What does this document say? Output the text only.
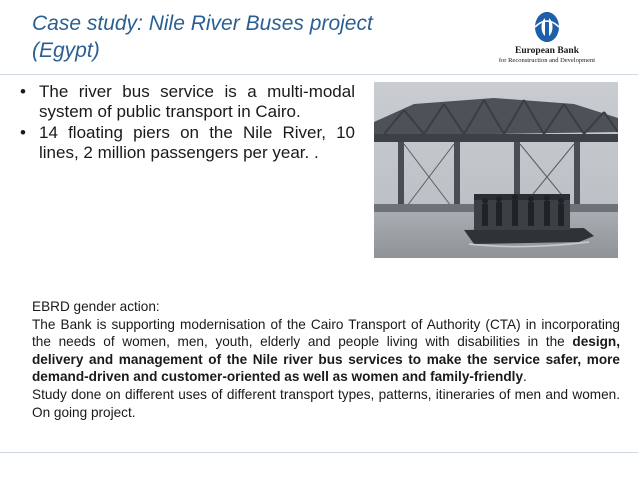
Case study: Nile River Buses project
(Egypt)	European Bank
for Reconstruction and Development
• The river bus service is a multi-modal system of public transport in Cairo.
• 14 floating piers on the Nile River, 10 lines, 2 million passengers per year. .

EBRD gender action:

The Bank is supporting modernisation of the Cairo Transport of Authority (CTA) in incorporating the needs of women, men, youth, elderly and people living with disabilities in the design, delivery and management of the Nile river bus services to make the service safer, more demand-driven and customer-oriented as well as women and family-friendly.

Study done on different uses of different transport types, patterns, itineraries of men and women. On going project.
